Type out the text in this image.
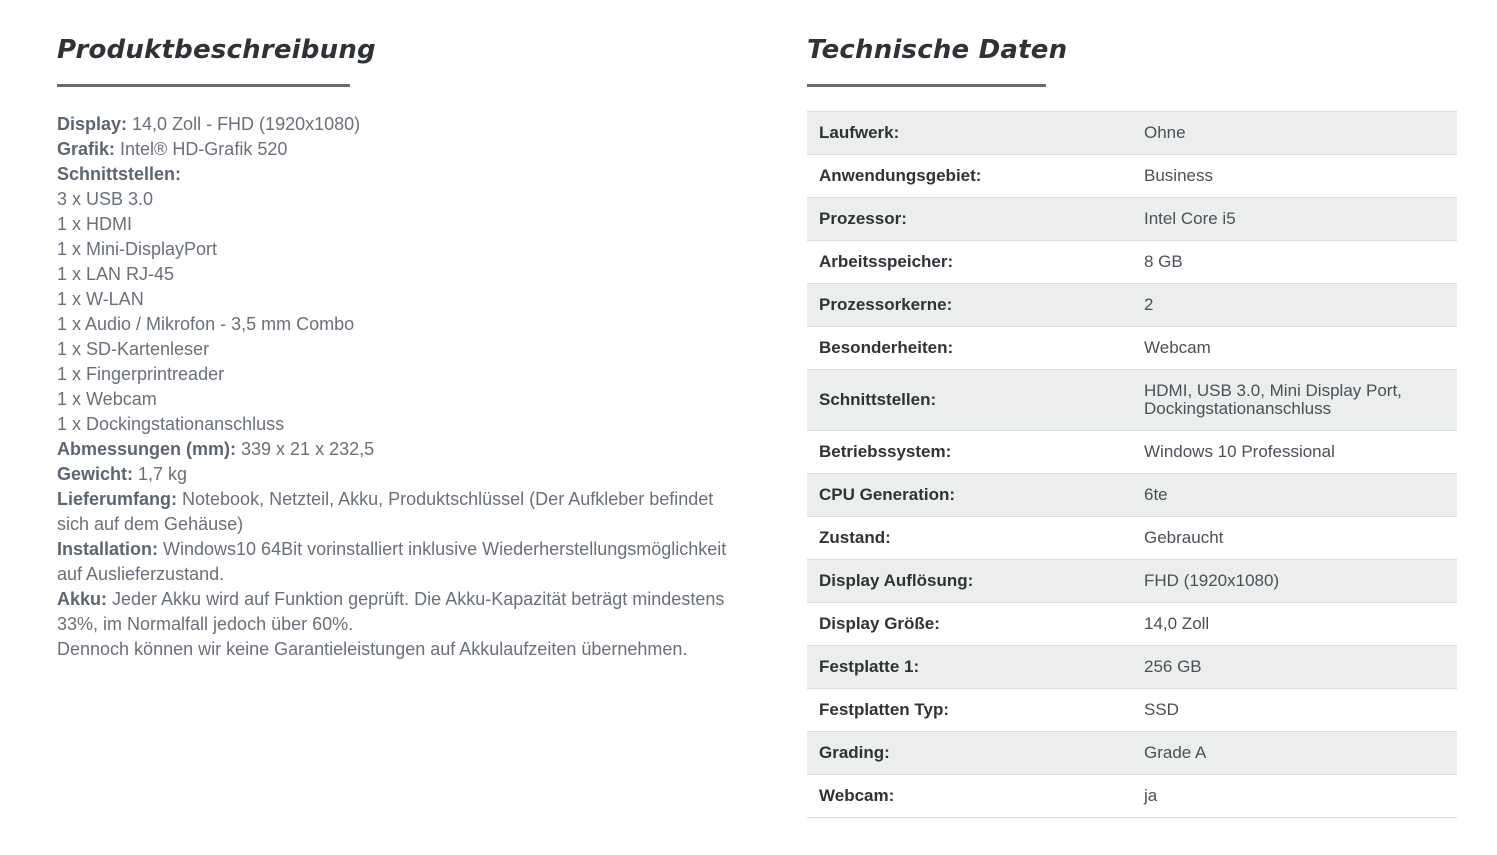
Produktbeschreibung
Display: 14,0 Zoll - FHD (1920x1080)
Grafik: Intel® HD-Grafik 520
Schnittstellen:
3 x USB 3.0
1 x HDMI
1 x Mini-DisplayPort
1 x LAN RJ-45
1 x W-LAN
1 x Audio / Mikrofon - 3,5 mm Combo
1 x SD-Kartenleser
1 x Fingerprintreader
1 x Webcam
1 x Dockingstationanschluss
Abmessungen (mm): 339 x 21 x 232,5
Gewicht: 1,7 kg
Lieferumfang: Notebook, Netzteil, Akku, Produktschlüssel (Der Aufkleber befindet sich auf dem Gehäuse)
Installation: Windows10 64Bit vorinstalliert inklusive Wiederherstellungsmöglichkeit auf Auslieferzustand.
Akku: Jeder Akku wird auf Funktion geprüft. Die Akku-Kapazität beträgt mindestens 33%, im Normalfall jedoch über 60%.
Dennoch können wir keine Garantieleistungen auf Akkulaufzeiten übernehmen.
Technische Daten
Laufwerk:	Ohne
Anwendungsgebiet:	Business
Prozessor:	Intel Core i5
Arbeitsspeicher:	8 GB
Prozessorkerne:	2
Besonderheiten:	Webcam
Schnittstellen:	HDMI, USB 3.0, Mini Display Port, Dockingstationanschluss
Betriebssystem:	Windows 10 Professional
CPU Generation:	6te
Zustand:	Gebraucht
Display Auflösung:	FHD (1920x1080)
Display Größe:	14,0 Zoll
Festplatte 1:	256 GB
Festplatten Typ:	SSD
Grading:	Grade A
Webcam:	ja
